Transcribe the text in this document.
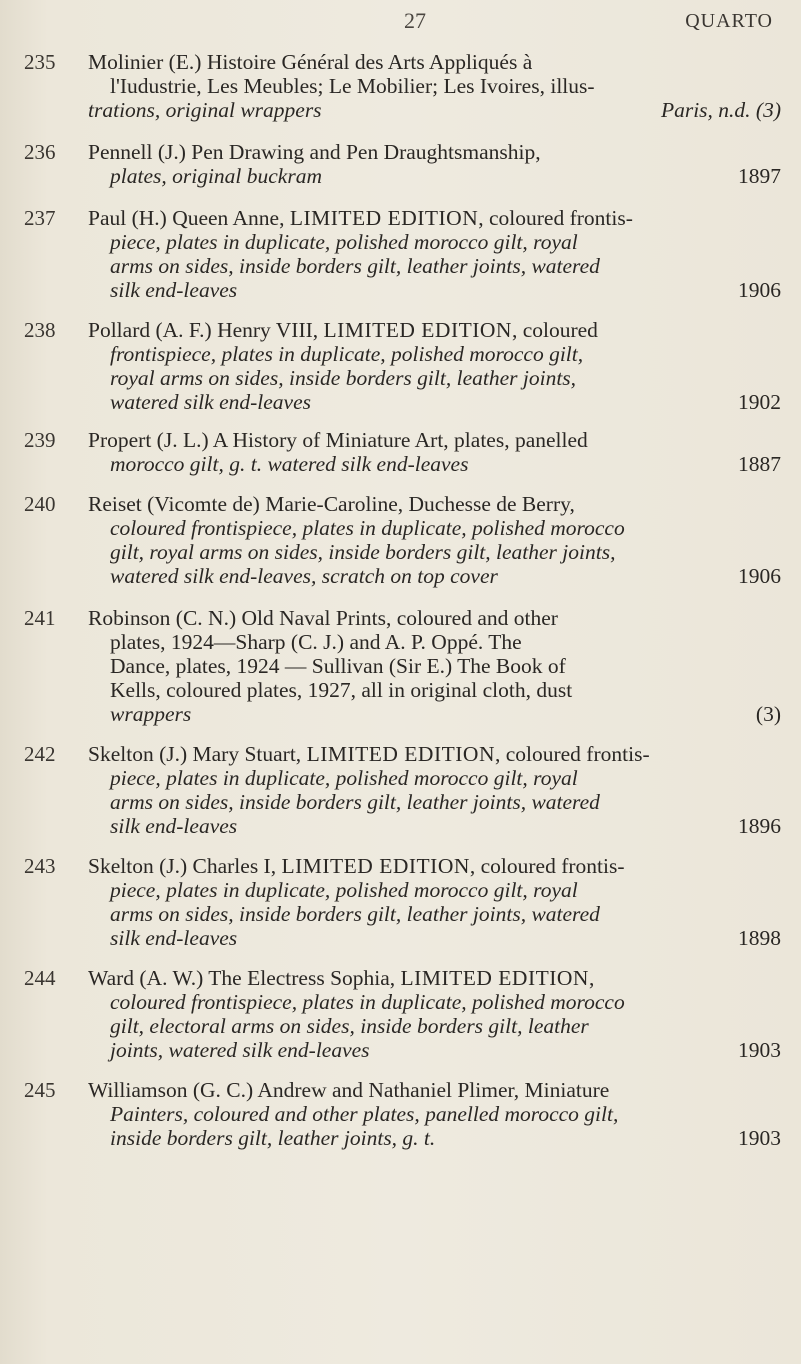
27	QUARTO
235 Molinier (E.) Histoire Général des Arts Appliqués à
l'Iudustrie, Les Meubles; Le Mobilier; Les Ivoires, illus-
trations, original wrappers	Paris, n.d. (3)
236 Pennell (J.) Pen Drawing and Pen Draughtsmanship,
plates, original buckram	1897
237 Paul (H.) Queen Anne, LIMITED EDITION, coloured frontis-
piece, plates in duplicate, polished morocco gilt, royal
arms on sides, inside borders gilt, leather joints, watered
silk end-leaves	1906
238 Pollard (A. F.) Henry VIII, LIMITED EDITION, coloured
frontispiece, plates in duplicate, polished morocco gilt,
royal arms on sides, inside borders gilt, leather joints,
watered silk end-leaves	1902
239 Propert (J. L.) A History of Miniature Art, plates, panelled
morocco gilt, g. t. watered silk end-leaves	1887
240 Reiset (Vicomte de) Marie-Caroline, Duchesse de Berry,
coloured frontispiece, plates in duplicate, polished morocco
gilt, royal arms on sides, inside borders gilt, leather joints,
watered silk end-leaves, scratch on top cover	1906
241 Robinson (C. N.) Old Naval Prints, coloured and other
plates, 1924—Sharp (C. J.) and A. P. Oppé. The
Dance, plates, 1924 — Sullivan (Sir E.) The Book of
Kells, coloured plates, 1927, all in original cloth, dust
wrappers	(3)
242 Skelton (J.) Mary Stuart, LIMITED EDITION, coloured frontis-
piece, plates in duplicate, polished morocco gilt, royal
arms on sides, inside borders gilt, leather joints, watered
silk end-leaves	1896
243 Skelton (J.) Charles I, LIMITED EDITION, coloured frontis-
piece, plates in duplicate, polished morocco gilt, royal
arms on sides, inside borders gilt, leather joints, watered
silk end-leaves	1898
244 Ward (A. W.) The Electress Sophia, LIMITED EDITION,
coloured frontispiece, plates in duplicate, polished morocco
gilt, electoral arms on sides, inside borders gilt, leather
joints, watered silk end-leaves	1903
245 Williamson (G. C.) Andrew and Nathaniel Plimer, Miniature
Painters, coloured and other plates, panelled morocco gilt,
inside borders gilt, leather joints, g. t.	1903
